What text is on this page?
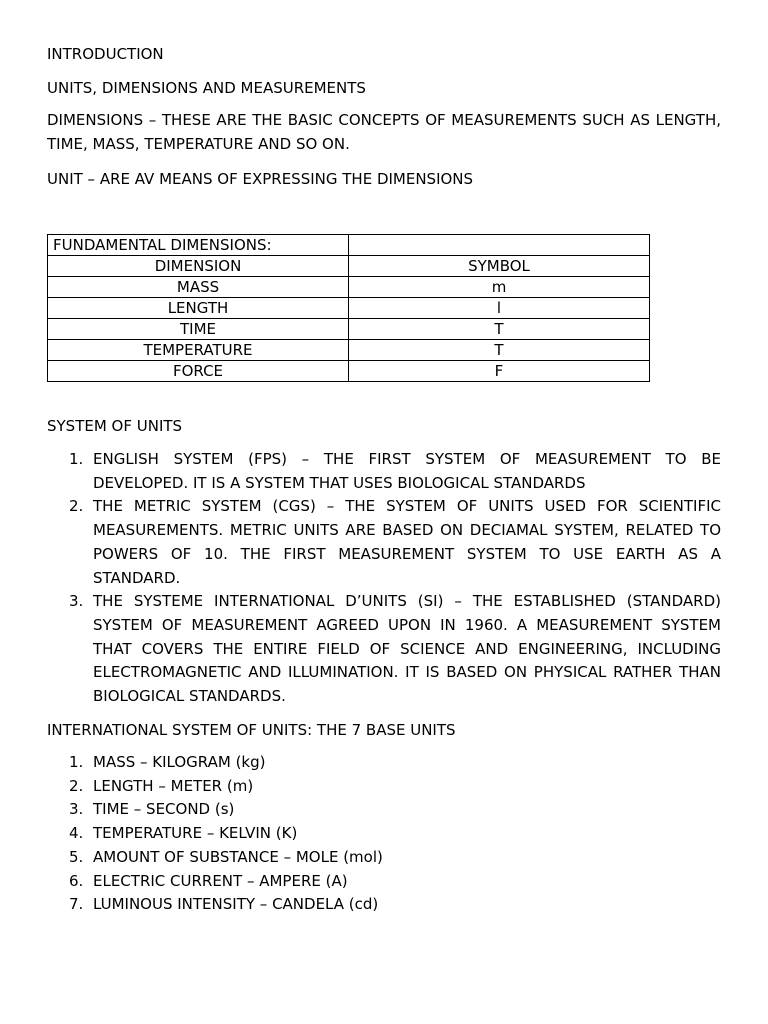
INTRODUCTION
UNITS, DIMENSIONS AND MEASUREMENTS
DIMENSIONS – THESE ARE THE BASIC CONCEPTS OF MEASUREMENTS SUCH AS LENGTH, TIME, MASS, TEMPERATURE AND SO ON.
UNIT – ARE AV MEANS OF EXPRESSING THE DIMENSIONS
FUNDAMENTAL DIMENSIONS:	
DIMENSION	SYMBOL
MASS	m
LENGTH	l
TIME	T
TEMPERATURE	T
FORCE	F
SYSTEM OF UNITS
1. ENGLISH SYSTEM (FPS) – THE FIRST SYSTEM OF MEASUREMENT TO BE DEVELOPED. IT IS A SYSTEM THAT USES BIOLOGICAL STANDARDS
2. THE METRIC SYSTEM (CGS) – THE SYSTEM OF UNITS USED FOR SCIENTIFIC MEASUREMENTS. METRIC UNITS ARE BASED ON DECIAMAL SYSTEM, RELATED TO POWERS OF 10. THE FIRST MEASUREMENT SYSTEM TO USE EARTH AS A STANDARD.
3. THE SYSTEME INTERNATIONAL D’UNITS (SI) – THE ESTABLISHED (STANDARD) SYSTEM OF MEASUREMENT AGREED UPON IN 1960. A MEASUREMENT SYSTEM THAT COVERS THE ENTIRE FIELD OF SCIENCE AND ENGINEERING, INCLUDING ELECTROMAGNETIC AND ILLUMINATION. IT IS BASED ON PHYSICAL RATHER THAN BIOLOGICAL STANDARDS.
INTERNATIONAL SYSTEM OF UNITS: THE 7 BASE UNITS
1. MASS – KILOGRAM (kg)
2. LENGTH – METER (m)
3. TIME – SECOND (s)
4. TEMPERATURE – KELVIN (K)
5. AMOUNT OF SUBSTANCE – MOLE (mol)
6. ELECTRIC CURRENT – AMPERE (A)
7. LUMINOUS INTENSITY – CANDELA (cd)
